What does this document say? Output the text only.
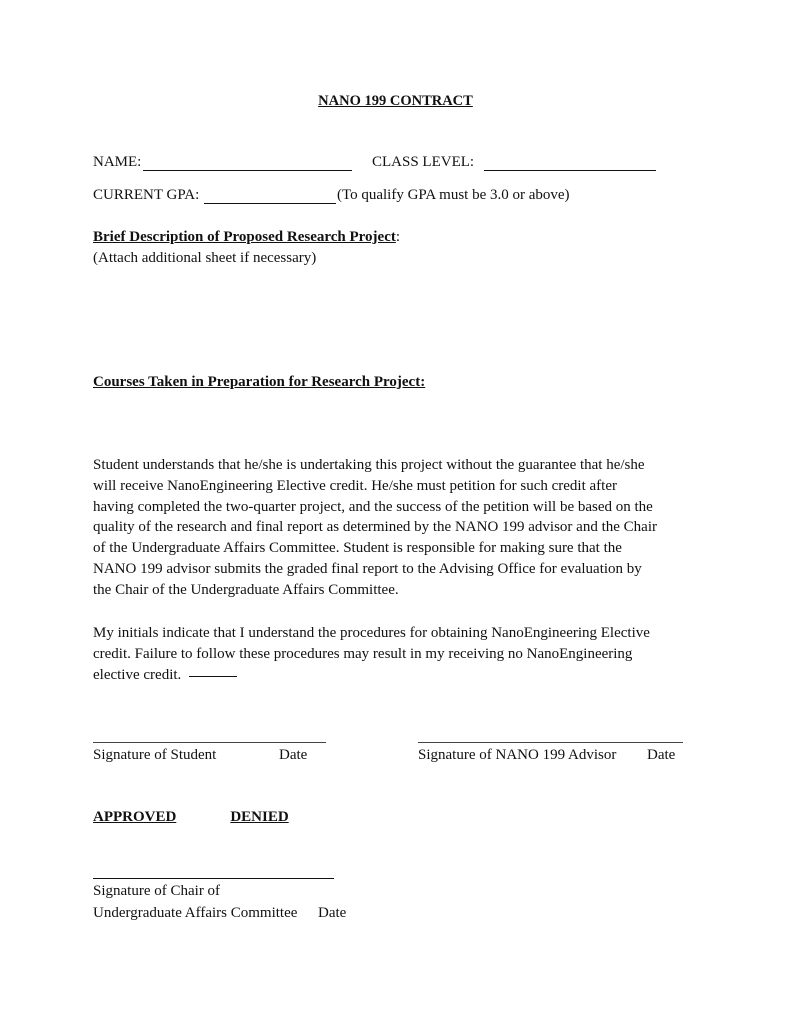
NANO 199 CONTRACT
NAME:	CLASS LEVEL:
CURRENT GPA:	(To qualify GPA must be 3.0 or above)
Brief Description of Proposed Research Project:
(Attach additional sheet if necessary)
Courses Taken in Preparation for Research Project:
Student understands that he/she is undertaking this project without the guarantee that he/she
will receive NanoEngineering Elective credit. He/she must petition for such credit after
having completed the two-quarter project, and the success of the petition will be based on the
quality of the research and final report as determined by the NANO 199 advisor and the Chair
of the Undergraduate Affairs Committee. Student is responsible for making sure that the
NANO 199 advisor submits the graded final report to the Advising Office for evaluation by
the Chair of the Undergraduate Affairs Committee.
My initials indicate that I understand the procedures for obtaining NanoEngineering Elective
credit. Failure to follow these procedures may result in my receiving no NanoEngineering
elective credit.
Signature of Student	Date	Signature of NANO 199 Advisor Date
APPROVED	DENIED
Signature of Chair of
Undergraduate Affairs Committee Date
